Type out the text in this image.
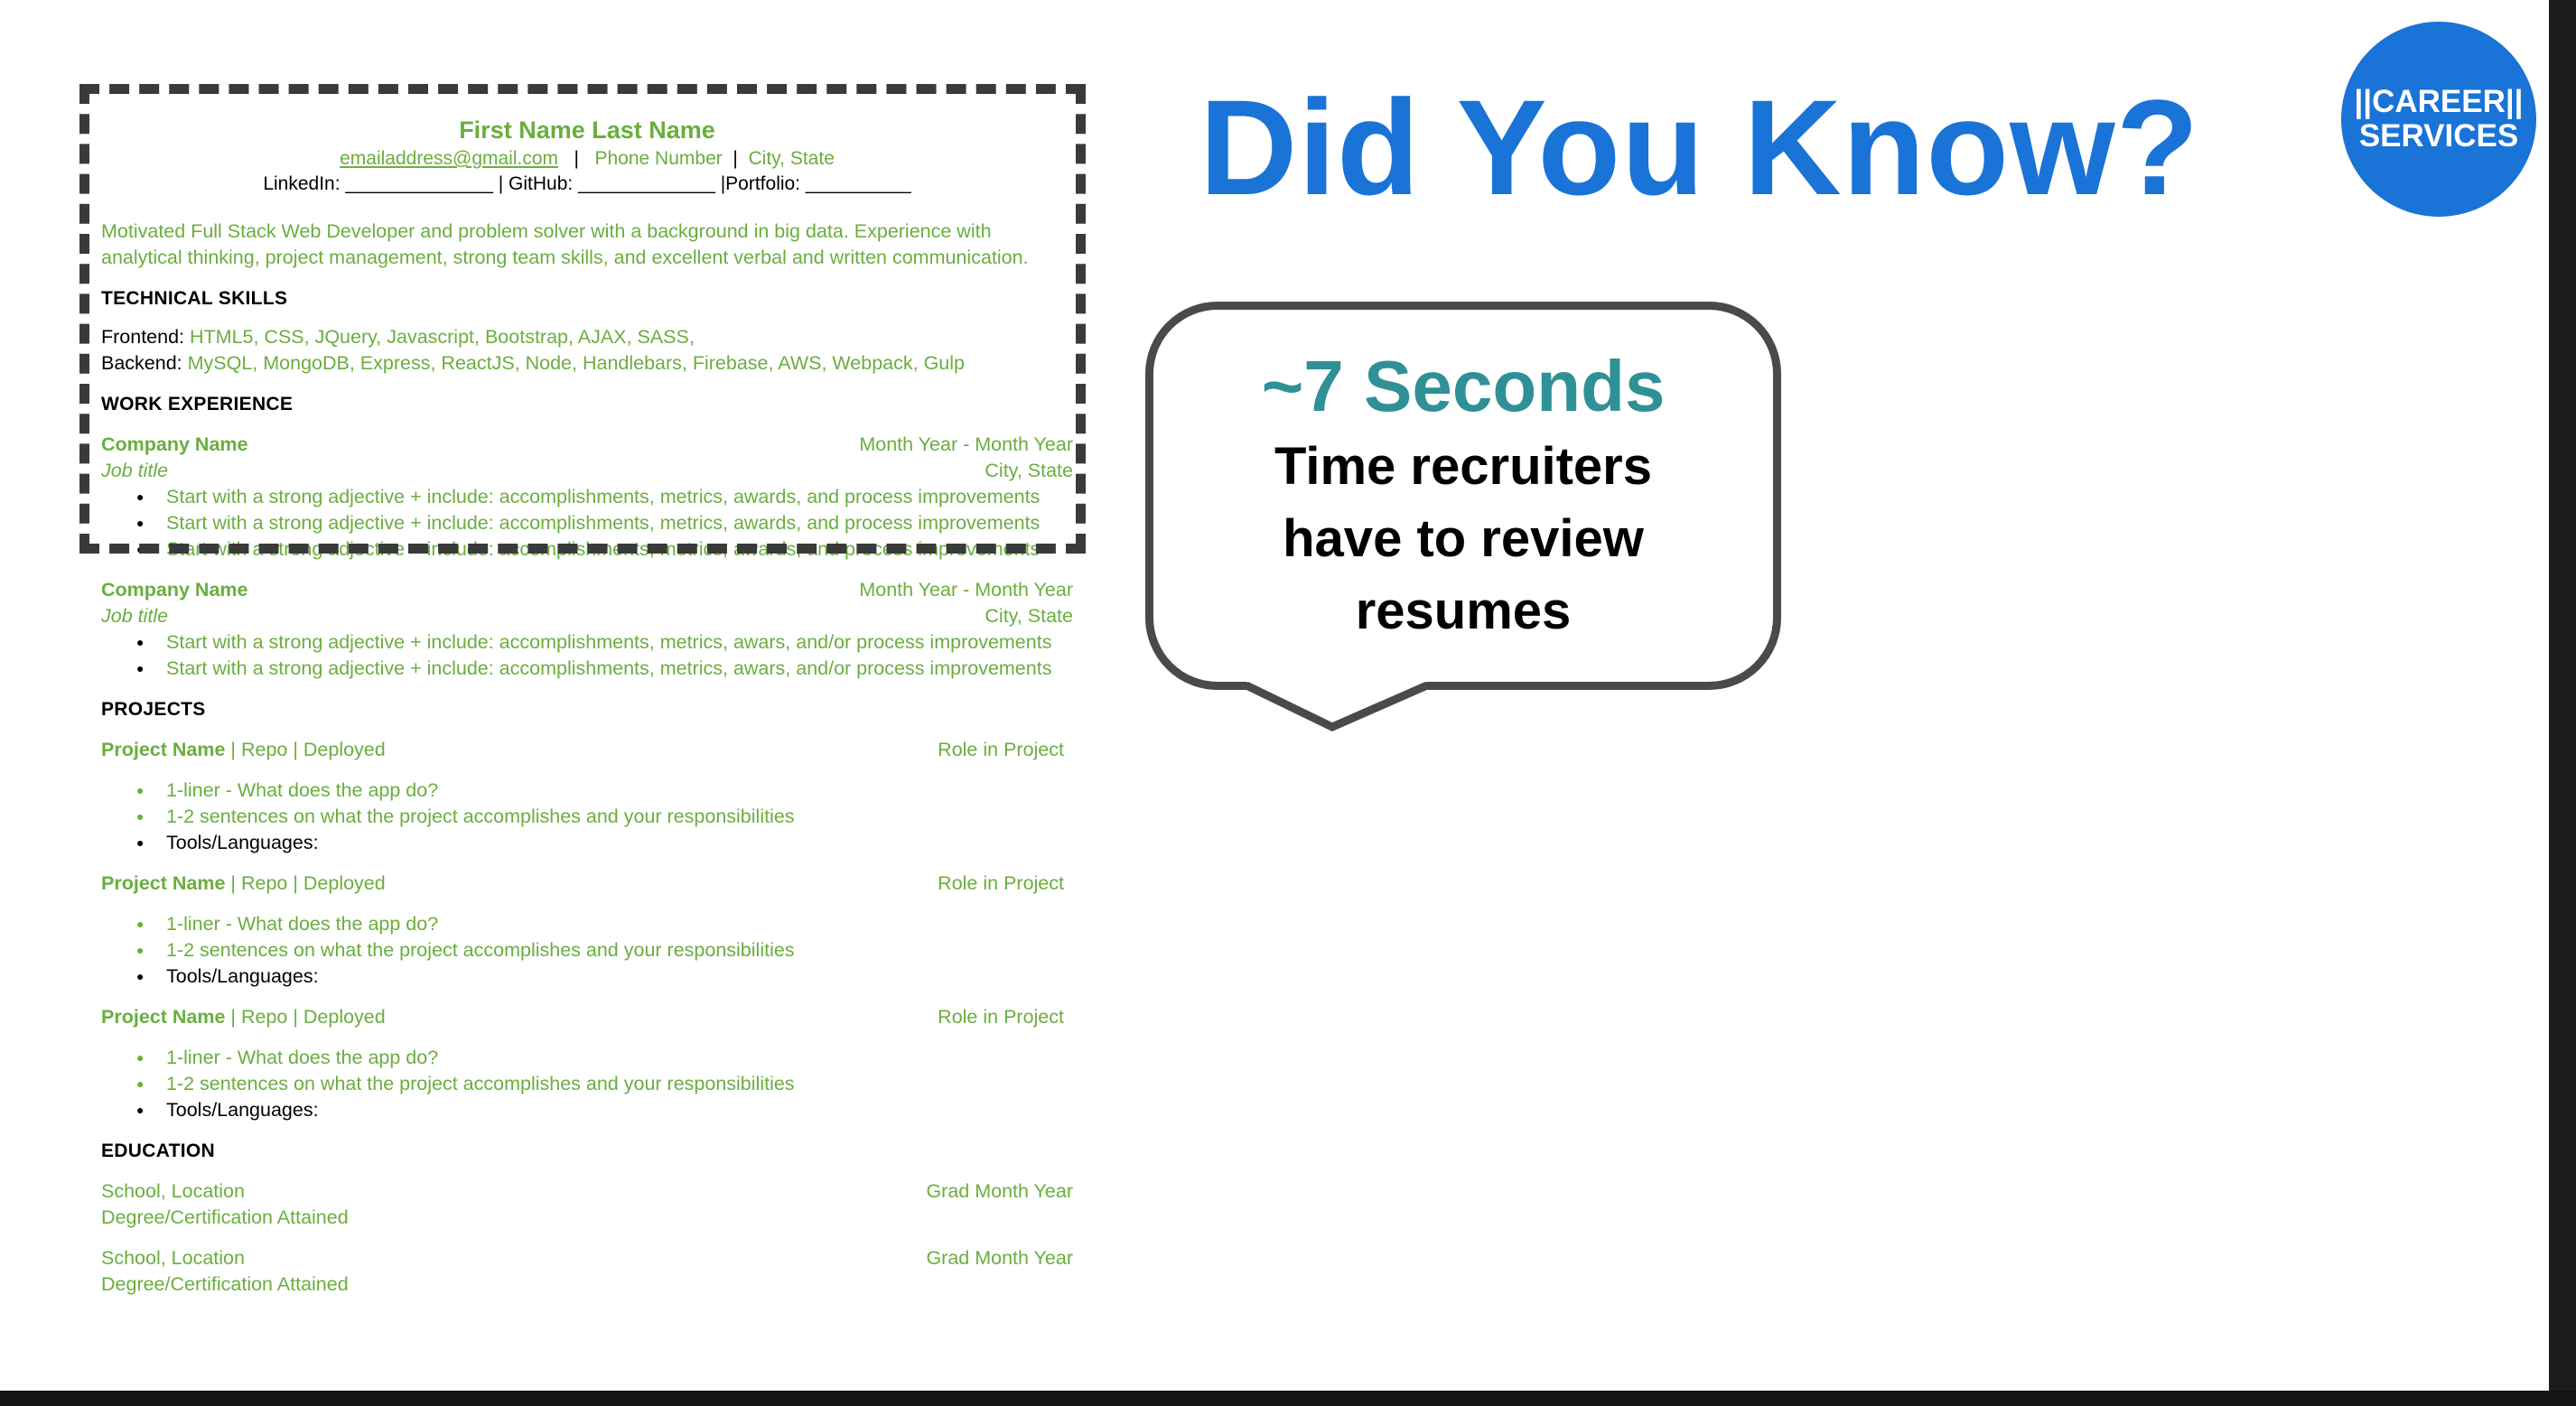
First Name Last Name
emailaddress@gmail.com   |   Phone Number  |  City, State
LinkedIn: ______________ | GitHub: _____________ |Portfolio: __________
Motivated Full Stack Web Developer and problem solver with a background in big data. Experience with analytical thinking, project management, strong team skills, and excellent verbal and written communication.
TECHNICAL SKILLS
Frontend: HTML5, CSS, JQuery, Javascript, Bootstrap, AJAX, SASS,
Backend: MySQL, MongoDB, Express, ReactJS, Node, Handlebars, Firebase, AWS, Webpack, Gulp
WORK EXPERIENCE
Company Name	Month Year - Month Year
Job title	City, State
● Start with a strong adjective + include: accomplishments, metrics, awards, and process improvements
● Start with a strong adjective + include: accomplishments, metrics, awards, and process improvements
● Start with a strong adjective + include: accomplishments, metrics, awards, and process improvements
Company Name	Month Year - Month Year
Job title	City, State
● Start with a strong adjective + include: accomplishments, metrics, awars, and/or process improvements
● Start with a strong adjective + include: accomplishments, metrics, awars, and/or process improvements
PROJECTS
Project Name | Repo | Deployed	Role in Project
● 1-liner - What does the app do?
● 1-2 sentences on what the project accomplishes and your responsibilities
● Tools/Languages:
Project Name | Repo | Deployed	Role in Project
● 1-liner - What does the app do?
● 1-2 sentences on what the project accomplishes and your responsibilities
● Tools/Languages:
Project Name | Repo | Deployed	Role in Project
● 1-liner - What does the app do?
● 1-2 sentences on what the project accomplishes and your responsibilities
● Tools/Languages:
EDUCATION
School, Location	Grad Month Year
Degree/Certification Attained
School, Location	Grad Month Year
Degree/Certification Attained
Did You Know?	||CAREER||
SERVICES
~7 Seconds
Time recruiters
have to review
resumes
